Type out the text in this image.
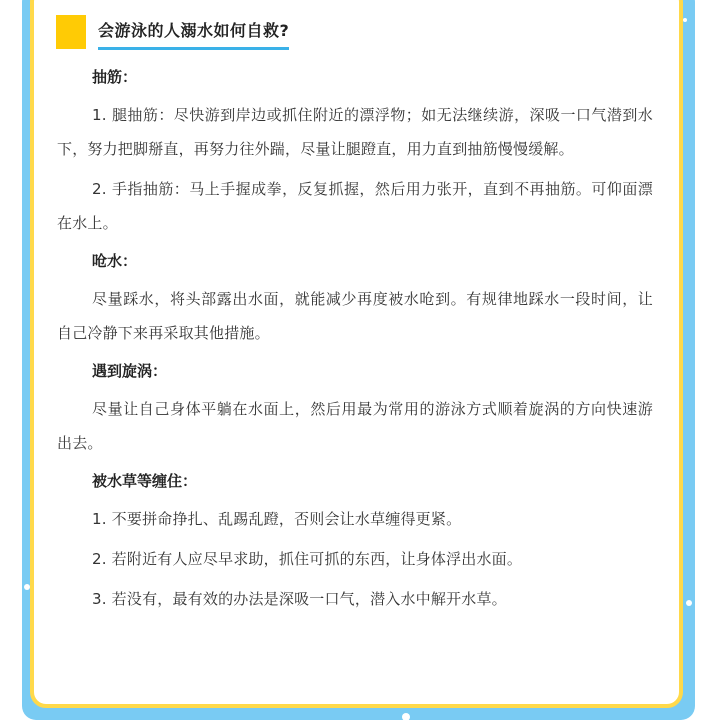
会游泳的人溺水如何自救?

抽筋：

1. 腿抽筋：尽快游到岸边或抓住附近的漂浮物；如无法继续游，深吸一口气潜到水下，努力把脚掰直，再努力往外踹，尽量让腿蹬直，用力直到抽筋慢慢缓解。

2. 手指抽筋：马上手握成拳，反复抓握，然后用力张开，直到不再抽筋。可仰面漂在水上。

呛水：

尽量踩水，将头部露出水面，就能减少再度被水呛到。有规律地踩水一段时间，让自己冷静下来再采取其他措施。

遇到旋涡：

尽量让自己身体平躺在水面上，然后用最为常用的游泳方式顺着旋涡的方向快速游出去。

被水草等缠住：

1. 不要拼命挣扎、乱踢乱蹬，否则会让水草缠得更紧。

2. 若附近有人应尽早求助，抓住可抓的东西，让身体浮出水面。

3. 若没有，最有效的办法是深吸一口气，潜入水中解开水草。
